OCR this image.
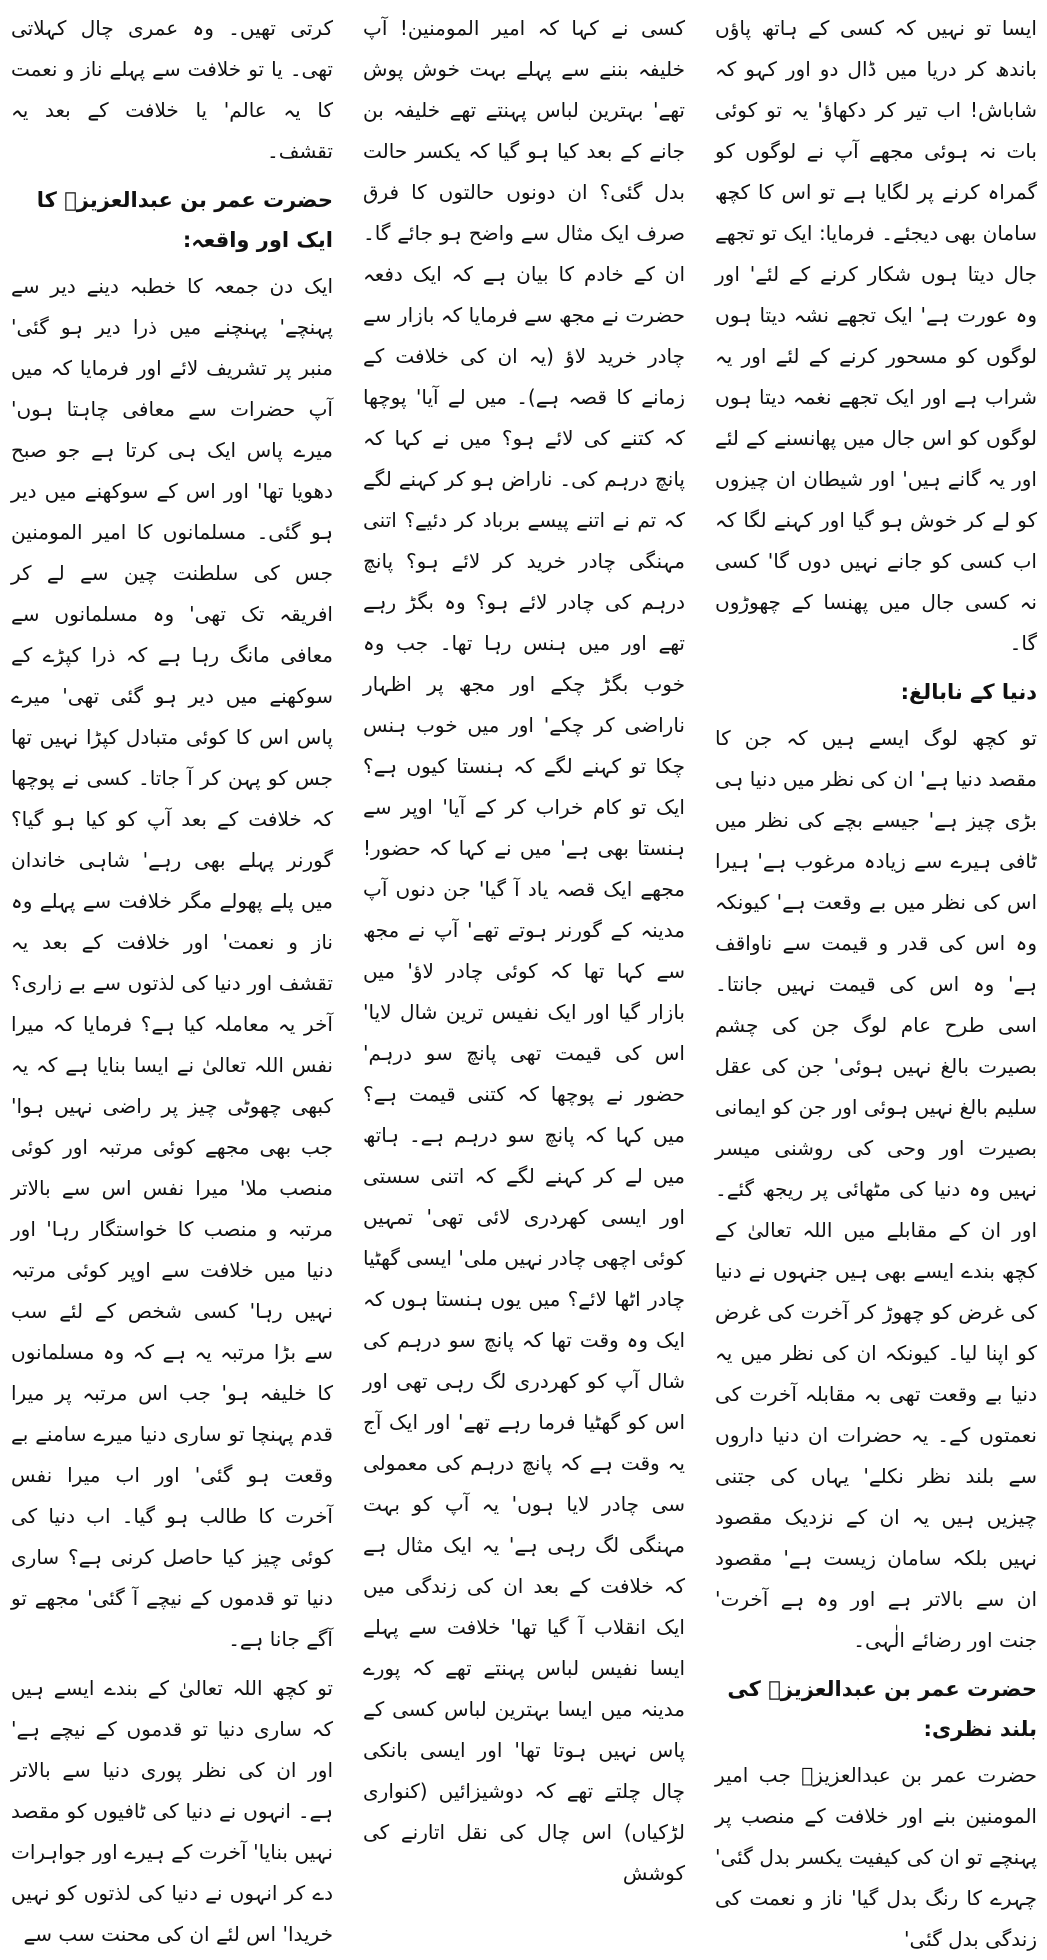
ایسا تو نہیں کہ کسی کے ہاتھ پاؤں باندھ کر دریا میں ڈال دو اور کہو کہ شاباش! اب تیر کر دکھاؤ' یہ تو کوئی بات نہ ہوئی مجھے آپ نے لوگوں کو گمراہ کرنے پر لگایا ہے تو اس کا کچھ سامان بھی دیجئے۔ فرمایا: ایک تو تجھے جال دیتا ہوں شکار کرنے کے لئے' اور وہ عورت ہے' ایک تجھے نشہ دیتا ہوں لوگوں کو مسحور کرنے کے لئے اور یہ شراب ہے اور ایک تجھے نغمہ دیتا ہوں لوگوں کو اس جال میں پھانسنے کے لئے اور یہ گانے ہیں' اور شیطان ان چیزوں کو لے کر خوش ہو گیا اور کہنے لگا کہ اب کسی کو جانے نہیں دوں گا' کسی نہ کسی جال میں پھنسا کے چھوڑوں گا۔

دنیا کے نابالغ:

تو کچھ لوگ ایسے ہیں کہ جن کا مقصد دنیا ہے' ان کی نظر میں دنیا ہی بڑی چیز ہے' جیسے بچے کی نظر میں ٹافی ہیرے سے زیادہ مرغوب ہے' ہیرا اس کی نظر میں بے وقعت ہے' کیونکہ وہ اس کی قدر و قیمت سے ناواقف ہے' وہ اس کی قیمت نہیں جانتا۔ اسی طرح عام لوگ جن کی چشم بصیرت بالغ نہیں ہوئی' جن کی عقل سلیم بالغ نہیں ہوئی اور جن کو ایمانی بصیرت اور وحی کی روشنی میسر نہیں وہ دنیا کی مٹھائی پر ریجھ گئے۔ اور ان کے مقابلے میں اللہ تعالیٰ کے کچھ بندے ایسے بھی ہیں جنہوں نے دنیا کی غرض کو چھوڑ کر آخرت کی غرض کو اپنا لیا۔ کیونکہ ان کی نظر میں یہ دنیا بے وقعت تھی بہ مقابلہ آخرت کی نعمتوں کے۔ یہ حضرات ان دنیا داروں سے بلند نظر نکلے' یہاں کی جتنی چیزیں ہیں یہ ان کے نزدیک مقصود نہیں بلکہ سامان زیست ہے' مقصود ان سے بالاتر ہے اور وہ ہے آخرت' جنت اور رضائے الٰہی۔

حضرت عمر بن عبدالعزیزؒ کی بلند نظری:

حضرت عمر بن عبدالعزیزؒ جب امیر المومنین بنے اور خلافت کے منصب پر پہنچے تو ان کی کیفیت یکسر بدل گئی' چہرے کا رنگ بدل گیا' ناز و نعمت کی زندگی بدل گئی'

کسی نے کہا کہ امیر المومنین! آپ خلیفہ بننے سے پہلے بہت خوش پوش تھے' بہترین لباس پہنتے تھے خلیفہ بن جانے کے بعد کیا ہو گیا کہ یکسر حالت بدل گئی؟ ان دونوں حالتوں کا فرق صرف ایک مثال سے واضح ہو جائے گا۔ ان کے خادم کا بیان ہے کہ ایک دفعہ حضرت نے مجھ سے فرمایا کہ بازار سے چادر خرید لاؤ (یہ ان کی خلافت کے زمانے کا قصہ ہے)۔ میں لے آیا' پوچھا کہ کتنے کی لائے ہو؟ میں نے کہا کہ پانچ درہم کی۔ ناراض ہو کر کہنے لگے کہ تم نے اتنے پیسے برباد کر دئیے؟ اتنی مہنگی چادر خرید کر لائے ہو؟ پانچ درہم کی چادر لائے ہو؟ وہ بگڑ رہے تھے اور میں ہنس رہا تھا۔ جب وہ خوب بگڑ چکے اور مجھ پر اظہار ناراضی کر چکے' اور میں خوب ہنس چکا تو کہنے لگے کہ ہنستا کیوں ہے؟ ایک تو کام خراب کر کے آیا' اوپر سے ہنستا بھی ہے' میں نے کہا کہ حضور! مجھے ایک قصہ یاد آ گیا' جن دنوں آپ مدینہ کے گورنر ہوتے تھے' آپ نے مجھ سے کہا تھا کہ کوئی چادر لاؤ' میں بازار گیا اور ایک نفیس ترین شال لایا' اس کی قیمت تھی پانچ سو درہم' حضور نے پوچھا کہ کتنی قیمت ہے؟ میں کہا کہ پانچ سو درہم ہے۔ ہاتھ میں لے کر کہنے لگے کہ اتنی سستی اور ایسی کھردری لائی تھی' تمہیں کوئی اچھی چادر نہیں ملی' ایسی گھٹیا چادر اٹھا لائے؟ میں یوں ہنستا ہوں کہ ایک وہ وقت تھا کہ پانچ سو درہم کی شال آپ کو کھردری لگ رہی تھی اور اس کو گھٹیا فرما رہے تھے' اور ایک آج یہ وقت ہے کہ پانچ درہم کی معمولی سی چادر لایا ہوں' یہ آپ کو بہت مہنگی لگ رہی ہے' یہ ایک مثال ہے کہ خلافت کے بعد ان کی زندگی میں ایک انقلاب آ گیا تھا' خلافت سے پہلے ایسا نفیس لباس پہنتے تھے کہ پورے مدینہ میں ایسا بہترین لباس کسی کے پاس نہیں ہوتا تھا' اور ایسی بانکی چال چلتے تھے کہ دوشیزائیں (کنواری لڑکیاں) اس چال کی نقل اتارنے کی کوشش

کرتی تھیں۔ وہ عمری چال کہلاتی تھی۔ یا تو خلافت سے پہلے ناز و نعمت کا یہ عالم' یا خلافت کے بعد یہ تقشف۔

حضرت عمر بن عبدالعزیزؒ کا ایک اور واقعہ:

ایک دن جمعہ کا خطبہ دینے دیر سے پہنچے' پہنچنے میں ذرا دیر ہو گئی' منبر پر تشریف لائے اور فرمایا کہ میں آپ حضرات سے معافی چاہتا ہوں' میرے پاس ایک ہی کرتا ہے جو صبح دھویا تھا' اور اس کے سوکھنے میں دیر ہو گئی۔ مسلمانوں کا امیر المومنین جس کی سلطنت چین سے لے کر افریقہ تک تھی' وہ مسلمانوں سے معافی مانگ رہا ہے کہ ذرا کپڑے کے سوکھنے میں دیر ہو گئی تھی' میرے پاس اس کا کوئی متبادل کپڑا نہیں تھا جس کو پہن کر آ جاتا۔ کسی نے پوچھا کہ خلافت کے بعد آپ کو کیا ہو گیا؟ گورنر پہلے بھی رہے' شاہی خاندان میں پلے پھولے مگر خلافت سے پہلے وہ ناز و نعمت' اور خلافت کے بعد یہ تقشف اور دنیا کی لذتوں سے بے زاری؟ آخر یہ معاملہ کیا ہے؟ فرمایا کہ میرا نفس اللہ تعالیٰ نے ایسا بنایا ہے کہ یہ کبھی چھوٹی چیز پر راضی نہیں ہوا' جب بھی مجھے کوئی مرتبہ اور کوئی منصب ملا' میرا نفس اس سے بالاتر مرتبہ و منصب کا خواستگار رہا' اور دنیا میں خلافت سے اوپر کوئی مرتبہ نہیں رہا' کسی شخص کے لئے سب سے بڑا مرتبہ یہ ہے کہ وہ مسلمانوں کا خلیفہ ہو' جب اس مرتبہ پر میرا قدم پہنچا تو ساری دنیا میرے سامنے بے وقعت ہو گئی' اور اب میرا نفس آخرت کا طالب ہو گیا۔ اب دنیا کی کوئی چیز کیا حاصل کرنی ہے؟ ساری دنیا تو قدموں کے نیچے آ گئی' مجھے تو آگے جانا ہے۔

تو کچھ اللہ تعالیٰ کے بندے ایسے ہیں کہ ساری دنیا تو قدموں کے نیچے ہے' اور ان کی نظر پوری دنیا سے بالاتر ہے۔ انہوں نے دنیا کی ٹافیوں کو مقصد نہیں بنایا' آخرت کے ہیرے اور جواہرات دے کر انہوں نے دنیا کی لذتوں کو نہیں خریدا' اس لئے ان کی محنت سب سے
